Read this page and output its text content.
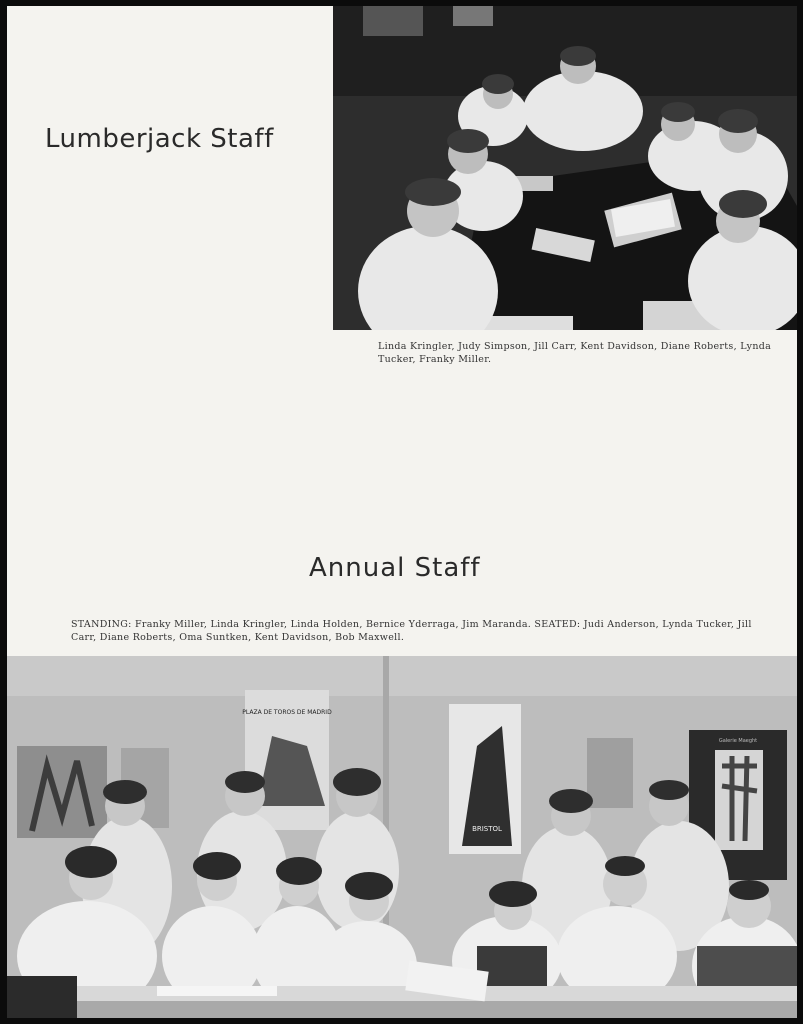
Lumberjack Staff
Linda Kringler, Judy Simpson, Jill Carr, Kent Davidson, Diane Roberts, Lynda Tucker, Franky Miller.
Annual Staff
STANDING: Franky Miller, Linda Kringler, Linda Holden, Bernice Yderraga, Jim Maranda. SEATED: Judi Anderson, Lynda Tucker, Jill Carr, Diane Roberts, Oma Suntken, Kent Davidson, Bob Maxwell.
PLAZA DE TOROS DE MADRID
BRISTOL
Galerie Maeght
